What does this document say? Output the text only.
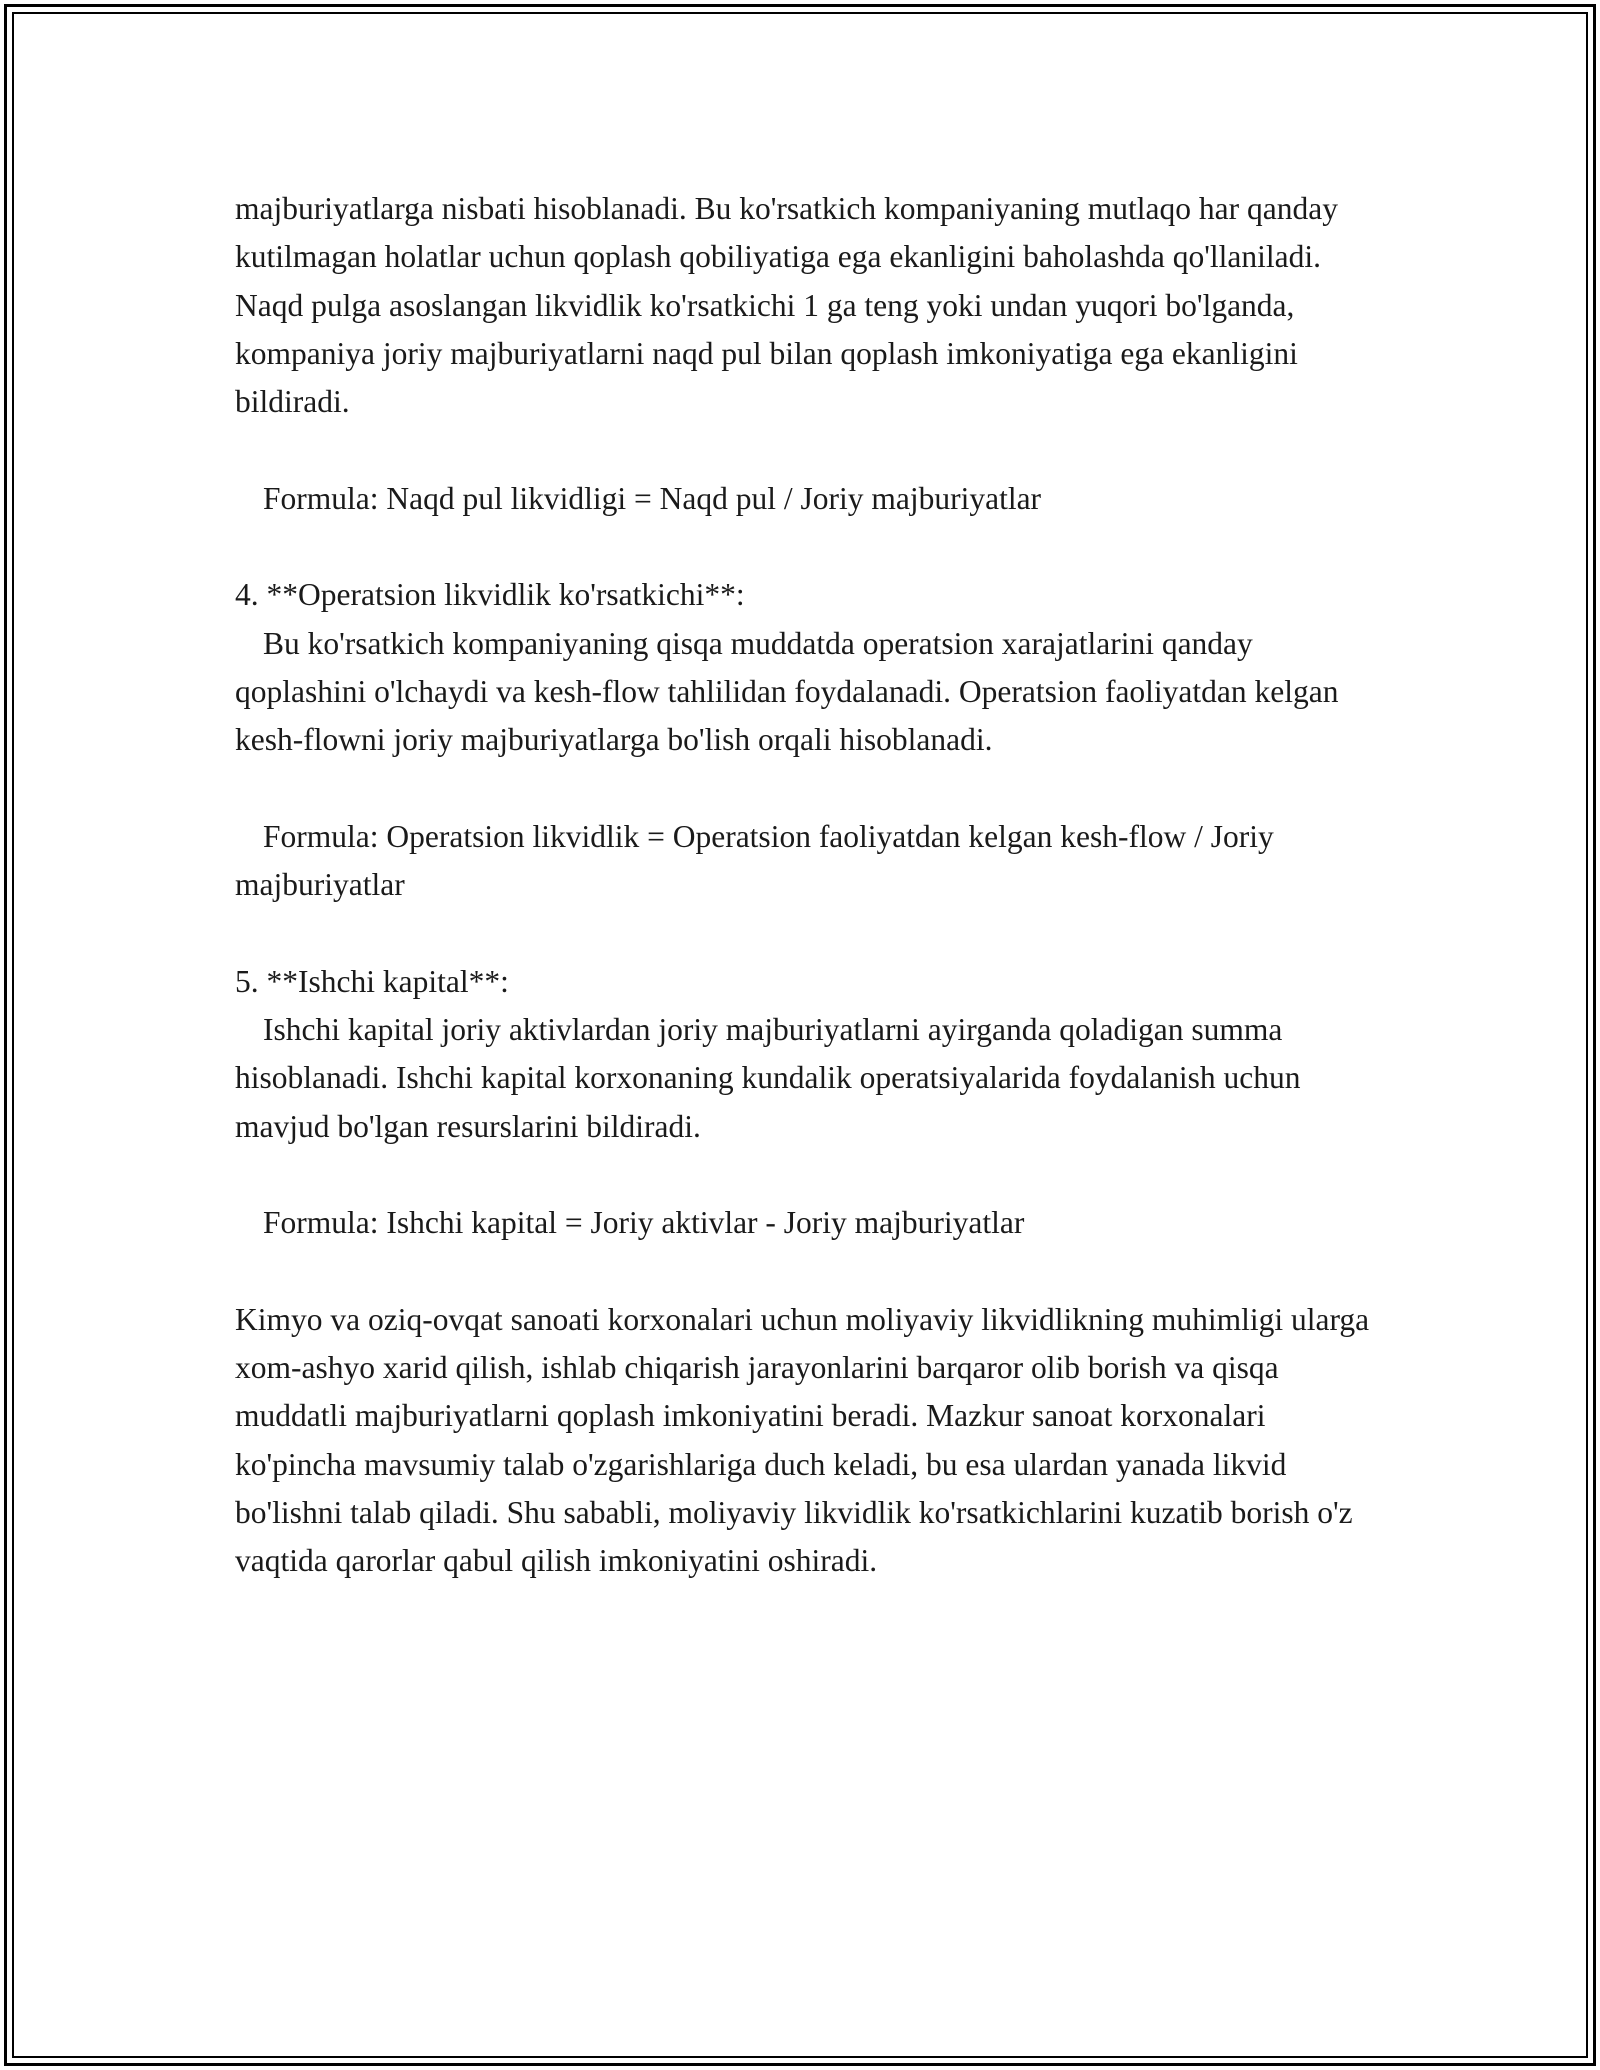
majburiyatlarga nisbati hisoblanadi. Bu ko'rsatkich kompaniyaning mutlaqo har qanday kutilmagan holatlar uchun qoplash qobiliyatiga ega ekanligini baholashda qo'llaniladi. Naqd pulga asoslangan likvidlik ko'rsatkichi 1 ga teng yoki undan yuqori bo'lganda, kompaniya joriy majburiyatlarni naqd pul bilan qoplash imkoniyatiga ega ekanligini bildiradi.

Formula: Naqd pul likvidligi = Naqd pul / Joriy majburiyatlar

4. **Operatsion likvidlik ko'rsatkichi**:

Bu ko'rsatkich kompaniyaning qisqa muddatda operatsion xarajatlarini qanday qoplashini o'lchaydi va kesh-flow tahlilidan foydalanadi. Operatsion faoliyatdan kelgan kesh-flowni joriy majburiyatlarga bo'lish orqali hisoblanadi.

Formula: Operatsion likvidlik = Operatsion faoliyatdan kelgan kesh-flow / Joriy majburiyatlar

5. **Ishchi kapital**:

Ishchi kapital joriy aktivlardan joriy majburiyatlarni ayirganda qoladigan summa hisoblanadi. Ishchi kapital korxonaning kundalik operatsiyalarida foydalanish uchun mavjud bo'lgan resurslarini bildiradi.

Formula: Ishchi kapital = Joriy aktivlar - Joriy majburiyatlar

Kimyo va oziq-ovqat sanoati korxonalari uchun moliyaviy likvidlikning muhimligi ularga xom-ashyo xarid qilish, ishlab chiqarish jarayonlarini barqaror olib borish va qisqa muddatli majburiyatlarni qoplash imkoniyatini beradi. Mazkur sanoat korxonalari ko'pincha mavsumiy talab o'zgarishlariga duch keladi, bu esa ulardan yanada likvid bo'lishni talab qiladi. Shu sababli, moliyaviy likvidlik ko'rsatkichlarini kuzatib borish o'z vaqtida qarorlar qabul qilish imkoniyatini oshiradi.
